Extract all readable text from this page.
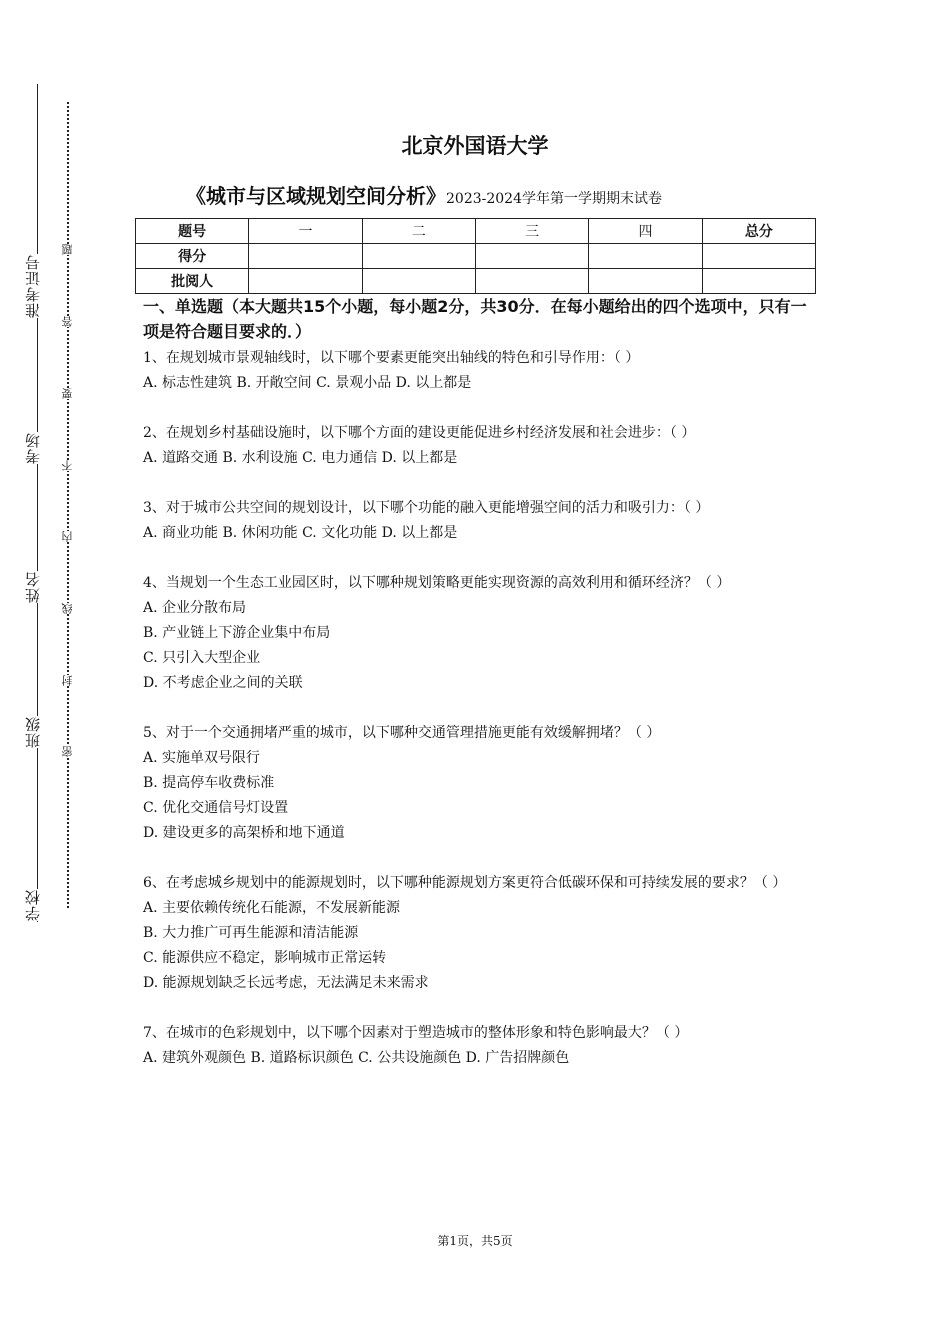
准考证号
考场
姓名
班级
学校
题
答
要
不
内
线
封
密
北京外国语大学
《城市与区域规划空间分析》2023-2024学年第一学期期末试卷
题号	一	二	三	四	总分
得分					
批阅人					
一、单选题（本大题共15个小题，每小题2分，共30分．在每小题给出的四个选项中，只有一项是符合题目要求的．）

1、在规划城市景观轴线时，以下哪个要素更能突出轴线的特色和引导作用：（ ）

A. 标志性建筑 B. 开敞空间 C. 景观小品 D. 以上都是

2、在规划乡村基础设施时，以下哪个方面的建设更能促进乡村经济发展和社会进步：（ ）

A. 道路交通 B. 水利设施 C. 电力通信 D. 以上都是

3、对于城市公共空间的规划设计，以下哪个功能的融入更能增强空间的活力和吸引力：（ ）

A. 商业功能 B. 休闲功能 C. 文化功能 D. 以上都是

4、当规划一个生态工业园区时，以下哪种规划策略更能实现资源的高效利用和循环经济？（ ）

A. 企业分散布局

B. 产业链上下游企业集中布局

C. 只引入大型企业

D. 不考虑企业之间的关联

5、对于一个交通拥堵严重的城市，以下哪种交通管理措施更能有效缓解拥堵？（ ）

A. 实施单双号限行

B. 提高停车收费标准

C. 优化交通信号灯设置

D. 建设更多的高架桥和地下通道

6、在考虑城乡规划中的能源规划时，以下哪种能源规划方案更符合低碳环保和可持续发展的要求？（ ）

A. 主要依赖传统化石能源，不发展新能源

B. 大力推广可再生能源和清洁能源

C. 能源供应不稳定，影响城市正常运转

D. 能源规划缺乏长远考虑，无法满足未来需求

7、在城市的色彩规划中，以下哪个因素对于塑造城市的整体形象和特色影响最大？（ ）

A. 建筑外观颜色 B. 道路标识颜色 C. 公共设施颜色 D. 广告招牌颜色

第1页，共5页
